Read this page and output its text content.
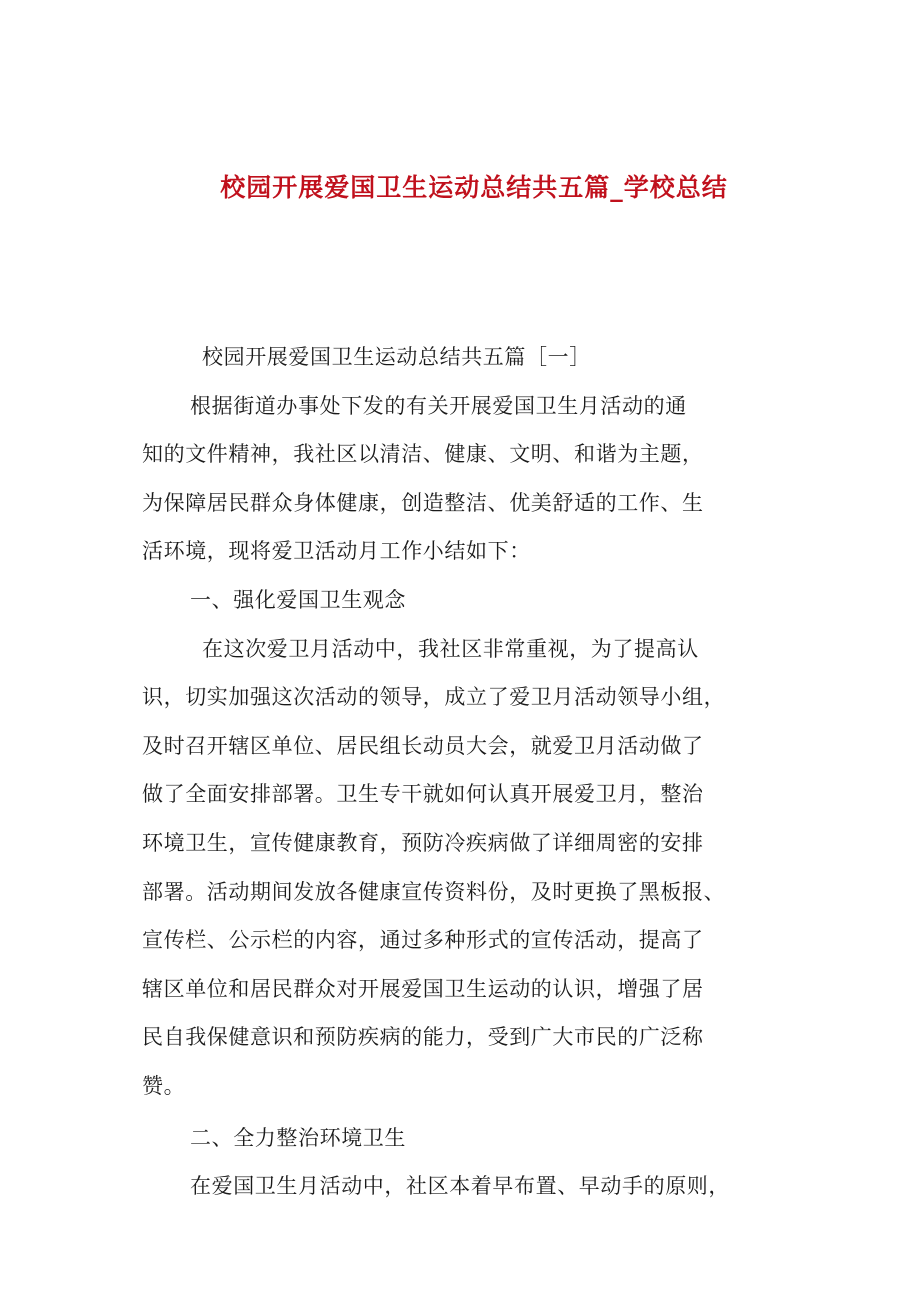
校园开展爱国卫生运动总结共五篇_学校总结
校园开展爱国卫生运动总结共五篇［一］
根据街道办事处下发的有关开展爱国卫生月活动的通
知的文件精神，我社区以清洁、健康、文明、和谐为主题，
为保障居民群众身体健康，创造整洁、优美舒适的工作、生
活环境，现将爱卫活动月工作小结如下：
一、强化爱国卫生观念
在这次爱卫月活动中，我社区非常重视，为了提高认
识，切实加强这次活动的领导，成立了爱卫月活动领导小组，
及时召开辖区单位、居民组长动员大会，就爱卫月活动做了
做了全面安排部署。卫生专干就如何认真开展爱卫月，整治
环境卫生，宣传健康教育，预防冷疾病做了详细周密的安排
部署。活动期间发放各健康宣传资料份，及时更换了黑板报、
宣传栏、公示栏的内容，通过多种形式的宣传活动，提高了
辖区单位和居民群众对开展爱国卫生运动的认识，增强了居
民自我保健意识和预防疾病的能力，受到广大市民的广泛称
赞。
二、全力整治环境卫生
在爱国卫生月活动中，社区本着早布置、早动手的原则，
